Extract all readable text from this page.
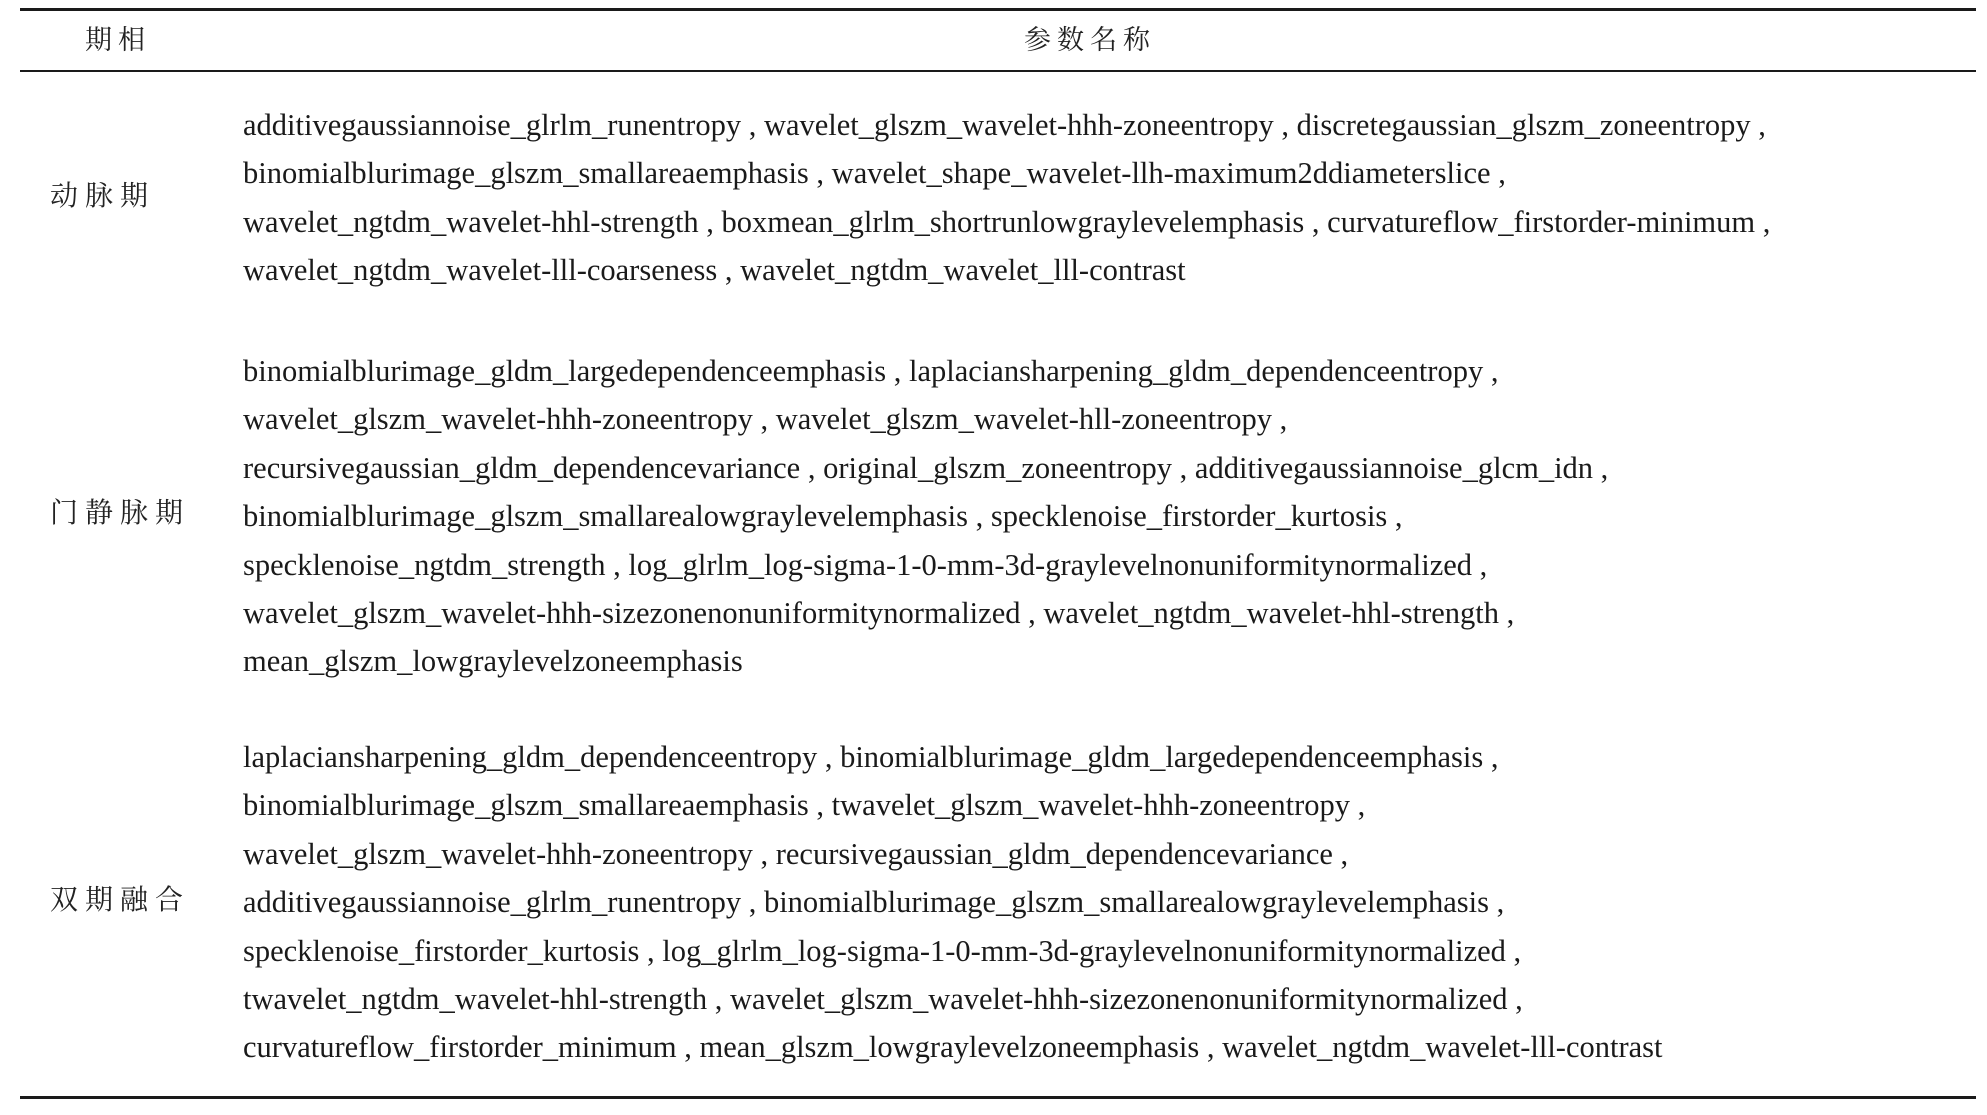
期相	参数名称
动脉期
additivegaussiannoise_glrlm_runentropy , wavelet_glszm_wavelet-hhh-zoneentropy , discretegaussian_glszm_zoneentropy ,
binomialblurimage_glszm_smallareaemphasis , wavelet_shape_wavelet-llh-maximum2ddiameterslice ,
wavelet_ngtdm_wavelet-hhl-strength , boxmean_glrlm_shortrunlowgraylevelemphasis , curvatureflow_firstorder-minimum ,
wavelet_ngtdm_wavelet-lll-coarseness , wavelet_ngtdm_wavelet_lll-contrast
门静脉期
binomialblurimage_gldm_largedependenceemphasis , laplaciansharpening_gldm_dependenceentropy ,
wavelet_glszm_wavelet-hhh-zoneentropy , wavelet_glszm_wavelet-hll-zoneentropy ,
recursivegaussian_gldm_dependencevariance , original_glszm_zoneentropy , additivegaussiannoise_glcm_idn ,
binomialblurimage_glszm_smallarealowgraylevelemphasis , specklenoise_firstorder_kurtosis ,
specklenoise_ngtdm_strength , log_glrlm_log-sigma-1-0-mm-3d-graylevelnonuniformitynormalized ,
wavelet_glszm_wavelet-hhh-sizezonenonuniformitynormalized , wavelet_ngtdm_wavelet-hhl-strength ,
mean_glszm_lowgraylevelzoneemphasis
双期融合
laplaciansharpening_gldm_dependenceentropy , binomialblurimage_gldm_largedependenceemphasis ,
binomialblurimage_glszm_smallareaemphasis , twavelet_glszm_wavelet-hhh-zoneentropy ,
wavelet_glszm_wavelet-hhh-zoneentropy , recursivegaussian_gldm_dependencevariance ,
additivegaussiannoise_glrlm_runentropy , binomialblurimage_glszm_smallarealowgraylevelemphasis ,
specklenoise_firstorder_kurtosis , log_glrlm_log-sigma-1-0-mm-3d-graylevelnonuniformitynormalized ,
twavelet_ngtdm_wavelet-hhl-strength , wavelet_glszm_wavelet-hhh-sizezonenonuniformitynormalized ,
curvatureflow_firstorder_minimum , mean_glszm_lowgraylevelzoneemphasis , wavelet_ngtdm_wavelet-lll-contrast
